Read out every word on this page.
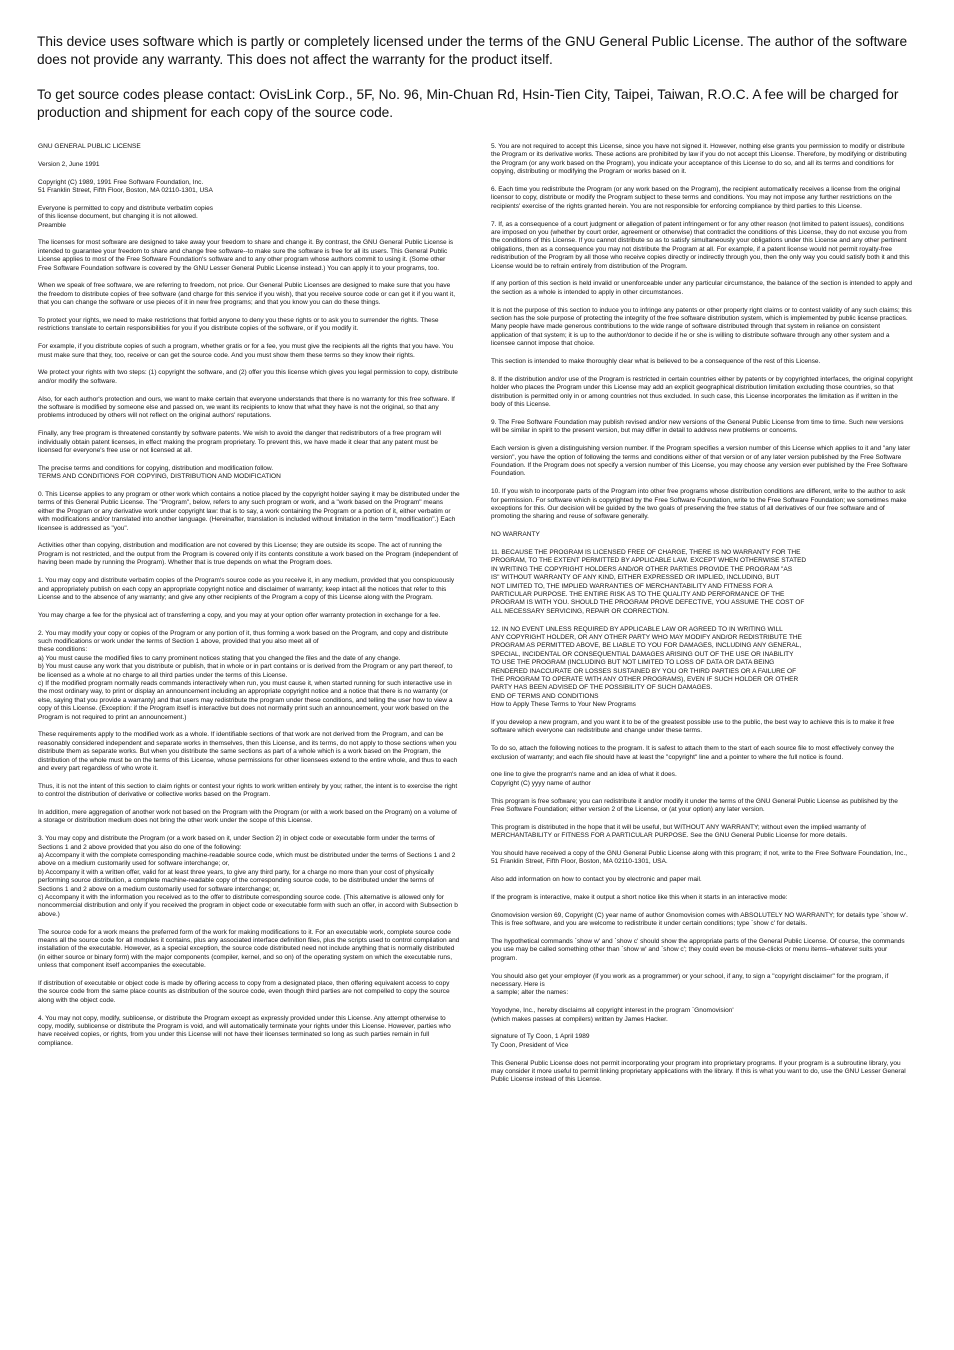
This device uses software which is partly or completely licensed under the terms of the GNU General Public License. The author of the software does not provide any warranty. This does not affect the warranty for the product itself.

To get source codes please contact: OvisLink Corp., 5F, No. 96, Min-Chuan Rd, Hsin-Tien City, Taipei, Taiwan, R.O.C. A fee will be charged for production and shipment for each copy of the source code.

GNU GENERAL PUBLIC LICENSE

Version 2, June 1991

Copyright (C) 1989, 1991 Free Software Foundation, Inc.
51 Franklin Street, Fifth Floor, Boston, MA 02110-1301, USA

Everyone is permitted to copy and distribute verbatim copies
of this license document, but changing it is not allowed.
Preamble

The licenses for most software are designed to take away your freedom to share and change it. By contrast, the GNU General Public License is intended to guarantee your freedom to share and change free software--to make sure the software is free for all its users. This General Public License applies to most of the Free Software Foundation's software and to any other program whose authors commit to using it. (Some other Free Software Foundation software is covered by the GNU Lesser General Public License instead.) You can apply it to your programs, too.

When we speak of free software, we are referring to freedom, not price. Our General Public Licenses are designed to make sure that you have the freedom to distribute copies of free software (and charge for this service if you wish), that you receive source code or can get it if you want it, that you can change the software or use pieces of it in new free programs; and that you know you can do these things.

To protect your rights, we need to make restrictions that forbid anyone to deny you these rights or to ask you to surrender the rights. These restrictions translate to certain responsibilities for you if you distribute copies of the software, or if you modify it.

For example, if you distribute copies of such a program, whether gratis or for a fee, you must give the recipients all the rights that you have. You must make sure that they, too, receive or can get the source code. And you must show them these terms so they know their rights.

We protect your rights with two steps: (1) copyright the software, and (2) offer you this license which gives you legal permission to copy, distribute and/or modify the software.

Also, for each author's protection and ours, we want to make certain that everyone understands that there is no warranty for this free software. If the software is modified by someone else and passed on, we want its recipients to know that what they have is not the original, so that any problems introduced by others will not reflect on the original authors' reputations.

Finally, any free program is threatened constantly by software patents. We wish to avoid the danger that redistributors of a free program will individually obtain patent licenses, in effect making the program proprietary. To prevent this, we have made it clear that any patent must be licensed for everyone's free use or not licensed at all.

The precise terms and conditions for copying, distribution and modification follow.
TERMS AND CONDITIONS FOR COPYING, DISTRIBUTION AND MODIFICATION

0. This License applies to any program or other work which contains a notice placed by the copyright holder saying it may be distributed under the terms of this General Public License. The "Program", below, refers to any such program or work, and a "work based on the Program" means either the Program or any derivative work under copyright law: that is to say, a work containing the Program or a portion of it, either verbatim or with modifications and/or translated into another language. (Hereinafter, translation is included without limitation in the term "modification".) Each licensee is addressed as "you".

Activities other than copying, distribution and modification are not covered by this License; they are outside its scope. The act of running the Program is not restricted, and the output from the Program is covered only if its contents constitute a work based on the Program (independent of having been made by running the Program). Whether that is true depends on what the Program does.

1. You may copy and distribute verbatim copies of the Program's source code as you receive it, in any medium, provided that you conspicuously and appropriately publish on each copy an appropriate copyright notice and disclaimer of warranty; keep intact all the notices that refer to this License and to the absence of any warranty; and give any other recipients of the Program a copy of this License along with the Program.

You may charge a fee for the physical act of transferring a copy, and you may at your option offer warranty protection in exchange for a fee.

2. You may modify your copy or copies of the Program or any portion of it, thus forming a work based on the Program, and copy and distribute such modifications or work under the terms of Section 1 above, provided that you also meet all of
these conditions:
a) You must cause the modified files to carry prominent notices stating that you changed the files and the date of any change.
b) You must cause any work that you distribute or publish, that in whole or in part contains or is derived from the Program or any part thereof, to be licensed as a whole at no charge to all third parties under the terms of this License.
c) If the modified program normally reads commands interactively when run, you must cause it, when started running for such interactive use in the most ordinary way, to print or display an announcement including an appropriate copyright notice and a notice that there is no warranty (or else, saying that you provide a warranty) and that users may redistribute the program under these conditions, and telling the user how to view a copy of this License. (Exception: if the Program itself is interactive but does not normally print such an announcement, your work based on the Program is not required to print an announcement.)

These requirements apply to the modified work as a whole. If identifiable sections of that work are not derived from the Program, and can be reasonably considered independent and separate works in themselves, then this License, and its terms, do not apply to those sections when you distribute them as separate works. But when you distribute the same sections as part of a whole which is a work based on the Program, the distribution of the whole must be on the terms of this License, whose permissions for other licensees extend to the entire whole, and thus to each and every part regardless of who wrote it.

Thus, it is not the intent of this section to claim rights or contest your rights to work written entirely by you; rather, the intent is to exercise the right to control the distribution of derivative or collective works based on the Program.

In addition, mere aggregation of another work not based on the Program with the Program (or with a work based on the Program) on a volume of a storage or distribution medium does not bring the other work under the scope of this License.

3. You may copy and distribute the Program (or a work based on it, under Section 2) in object code or executable form under the terms of Sections 1 and 2 above provided that you also do one of the following:
a) Accompany it with the complete corresponding machine-readable source code, which must be distributed under the terms of Sections 1 and 2 above on a medium customarily used for software interchange; or,
b) Accompany it with a written offer, valid for at least three years, to give any third party, for a charge no more than your cost of physically performing source distribution, a complete machine-readable copy of the corresponding source code, to be distributed under the terms of Sections 1 and 2 above on a medium customarily used for software interchange; or,
c) Accompany it with the information you received as to the offer to distribute corresponding source code. (This alternative is allowed only for noncommercial distribution and only if you received the program in object code or executable form with such an offer, in accord with Subsection b above.)

The source code for a work means the preferred form of the work for making modifications to it. For an executable work, complete source code means all the source code for all modules it contains, plus any associated interface definition files, plus the scripts used to control compilation and installation of the executable. However, as a special exception, the source code distributed need not include anything that is normally distributed (in either source or binary form) with the major components (compiler, kernel, and so on) of the operating system on which the executable runs, unless that component itself accompanies the executable.

If distribution of executable or object code is made by offering access to copy from a designated place, then offering equivalent access to copy the source code from the same place counts as distribution of the source code, even though third parties are not compelled to copy the source along with the object code.

4. You may not copy, modify, sublicense, or distribute the Program except as expressly provided under this License. Any attempt otherwise to copy, modify, sublicense or distribute the Program is void, and will automatically terminate your rights under this License. However, parties who have received copies, or rights, from you under this License will not have their licenses terminated so long as such parties remain in full compliance.

5. You are not required to accept this License, since you have not signed it. However, nothing else grants you permission to modify or distribute the Program or its derivative works. These actions are prohibited by law if you do not accept this License. Therefore, by modifying or distributing the Program (or any work based on the Program), you indicate your acceptance of this License to do so, and all its terms and conditions for copying, distributing or modifying the Program or works based on it.

6. Each time you redistribute the Program (or any work based on the Program), the recipient automatically receives a license from the original licensor to copy, distribute or modify the Program subject to these terms and conditions. You may not impose any further restrictions on the recipients' exercise of the rights granted herein. You are not responsible for enforcing compliance by third parties to this License.

7. If, as a consequence of a court judgment or allegation of patent infringement or for any other reason (not limited to patent issues), conditions are imposed on you (whether by court order, agreement or otherwise) that contradict the conditions of this License, they do not excuse you from the conditions of this License. If you cannot distribute so as to satisfy simultaneously your obligations under this License and any other pertinent obligations, then as a consequence you may not distribute the Program at all. For example, if a patent license would not permit royalty-free redistribution of the Program by all those who receive copies directly or indirectly through you, then the only way you could satisfy both it and this License would be to refrain entirely from distribution of the Program.

If any portion of this section is held invalid or unenforceable under any particular circumstance, the balance of the section is intended to apply and the section as a whole is intended to apply in other circumstances.

It is not the purpose of this section to induce you to infringe any patents or other property right claims or to contest validity of any such claims; this section has the sole purpose of protecting the integrity of the free software distribution system, which is implemented by public license practices. Many people have made generous contributions to the wide range of software distributed through that system in reliance on consistent application of that system; it is up to the author/donor to decide if he or she is willing to distribute software through any other system and a licensee cannot impose that choice.

This section is intended to make thoroughly clear what is believed to be a consequence of the rest of this License.

8. If the distribution and/or use of the Program is restricted in certain countries either by patents or by copyrighted interfaces, the original copyright holder who places the Program under this License may add an explicit geographical distribution limitation excluding those countries, so that distribution is permitted only in or among countries not thus excluded. In such case, this License incorporates the limitation as if written in the body of this License.

9. The Free Software Foundation may publish revised and/or new versions of the General Public License from time to time. Such new versions will be similar in spirit to the present version, but may differ in detail to address new problems or concerns.

Each version is given a distinguishing version number. If the Program specifies a version number of this License which applies to it and "any later version", you have the option of following the terms and conditions either of that version or of any later version published by the Free Software Foundation. If the Program does not specify a version number of this License, you may choose any version ever published by the Free Software Foundation.

10. If you wish to incorporate parts of the Program into other free programs whose distribution conditions are different, write to the author to ask for permission. For software which is copyrighted by the Free Software Foundation, write to the Free Software Foundation; we sometimes make exceptions for this. Our decision will be guided by the two goals of preserving the free status of all derivatives of our free software and of promoting the sharing and reuse of software generally.

NO WARRANTY

11. BECAUSE THE PROGRAM IS LICENSED FREE OF CHARGE, THERE IS NO WARRANTY FOR THE
PROGRAM, TO THE EXTENT PERMITTED BY APPLICABLE LAW. EXCEPT WHEN OTHERWISE STATED
IN WRITING THE COPYRIGHT HOLDERS AND/OR OTHER PARTIES PROVIDE THE PROGRAM "AS
IS" WITHOUT WARRANTY OF ANY KIND, EITHER EXPRESSED OR IMPLIED, INCLUDING, BUT
NOT LIMITED TO, THE IMPLIED WARRANTIES OF MERCHANTABILITY AND FITNESS FOR A
PARTICULAR PURPOSE. THE ENTIRE RISK AS TO THE QUALITY AND PERFORMANCE OF THE
PROGRAM IS WITH YOU. SHOULD THE PROGRAM PROVE DEFECTIVE, YOU ASSUME THE COST OF
ALL NECESSARY SERVICING, REPAIR OR CORRECTION.

12. IN NO EVENT UNLESS REQUIRED BY APPLICABLE LAW OR AGREED TO IN WRITING WILL
ANY COPYRIGHT HOLDER, OR ANY OTHER PARTY WHO MAY MODIFY AND/OR REDISTRIBUTE THE
PROGRAM AS PERMITTED ABOVE, BE LIABLE TO YOU FOR DAMAGES, INCLUDING ANY GENERAL,
SPECIAL, INCIDENTAL OR CONSEQUENTIAL DAMAGES ARISING OUT OF THE USE OR INABILITY
TO USE THE PROGRAM (INCLUDING BUT NOT LIMITED TO LOSS OF DATA OR DATA BEING
RENDERED INACCURATE OR LOSSES SUSTAINED BY YOU OR THIRD PARTIES OR A FAILURE OF
THE PROGRAM TO OPERATE WITH ANY OTHER PROGRAMS), EVEN IF SUCH HOLDER OR OTHER
PARTY HAS BEEN ADVISED OF THE POSSIBILITY OF SUCH DAMAGES.
END OF TERMS AND CONDITIONS
How to Apply These Terms to Your New Programs

If you develop a new program, and you want it to be of the greatest possible use to the public, the best way to achieve this is to make it free software which everyone can redistribute and change under these terms.

To do so, attach the following notices to the program. It is safest to attach them to the start of each source file to most effectively convey the exclusion of warranty; and each file should have at least the "copyright" line and a pointer to where the full notice is found.

one line to give the program's name and an idea of what it does.
Copyright (C) yyyy name of author

This program is free software; you can redistribute it and/or modify it under the terms of the GNU General Public License as published by the Free Software Foundation; either version 2 of the License, or (at your option) any later version.

This program is distributed in the hope that it will be useful, but WITHOUT ANY WARRANTY; without even the implied warranty of MERCHANTABILITY or FITNESS FOR A PARTICULAR PURPOSE. See the GNU General Public License for more details.

You should have received a copy of the GNU General Public License along with this program; if not, write to the Free Software Foundation, Inc., 51 Franklin Street, Fifth Floor, Boston, MA 02110-1301, USA.

Also add information on how to contact you by electronic and paper mail.

If the program is interactive, make it output a short notice like this when it starts in an interactive mode:

Gnomovision version 69, Copyright (C) year name of author Gnomovision comes with ABSOLUTELY NO WARRANTY; for details type `show w'. This is free software, and you are welcome to redistribute it under certain conditions; type `show c' for details.

The hypothetical commands `show w' and `show c' should show the appropriate parts of the General Public License. Of course, the commands you use may be called something other than `show w' and `show c'; they could even be mouse-clicks or menu items--whatever suits your program.

You should also get your employer (if you work as a programmer) or your school, if any, to sign a "copyright disclaimer" for the program, if necessary. Here is
a sample; alter the names:

Yoyodyne, Inc., hereby disclaims all copyright interest in the program `Gnomovision'
(which makes passes at compilers) written by James Hacker.

signature of Ty Coon, 1 April 1989
Ty Coon, President of Vice

This General Public License does not permit incorporating your program into proprietary programs. If your program is a subroutine library, you may consider it more useful to permit linking proprietary applications with the library. If this is what you want to do, use the GNU Lesser General Public License instead of this License.
